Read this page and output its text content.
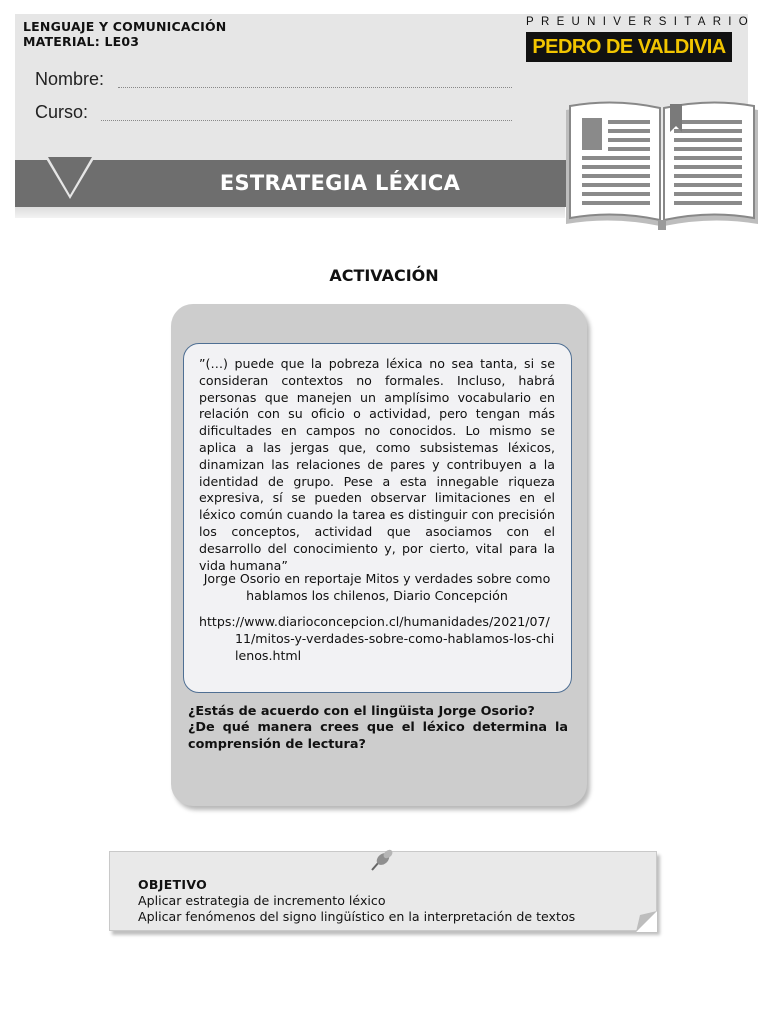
LENGUAJE Y COMUNICACIÓN
MATERIAL: LE03
Nombre:
Curso:
PREUNIVERSITARIO
PEDRO DE VALDIVIA
ESTRATEGIA LÉXICA
ACTIVACIÓN
”(…) puede que la pobreza léxica no sea tanta, si se consideran contextos no formales. Incluso, habrá personas que manejen un amplísimo vocabulario en relación con su oficio o actividad, pero tengan más dificultades en campos no conocidos. Lo mismo se aplica a las jergas que, como subsistemas léxicos, dinamizan las relaciones de pares y contribuyen a la identidad de grupo. Pese a esta innegable riqueza expresiva, sí se pueden observar limitaciones en el léxico común cuando la tarea es distinguir con precisión los conceptos, actividad que asociamos con el desarrollo del conocimiento y, por cierto, vital para la vida humana”
Jorge Osorio en reportaje Mitos y verdades sobre como hablamos los chilenos, Diario Concepción
https://www.diarioconcepcion.cl/humanidades/2021/07/11/mitos-y-verdades-sobre-como-hablamos-los-chilenos.html
¿Estás de acuerdo con el lingüista Jorge Osorio?
¿De qué manera crees que el léxico determina la comprensión de lectura?
OBJETIVO
Aplicar estrategia de incremento léxico
Aplicar fenómenos del signo lingüístico en la interpretación de textos
